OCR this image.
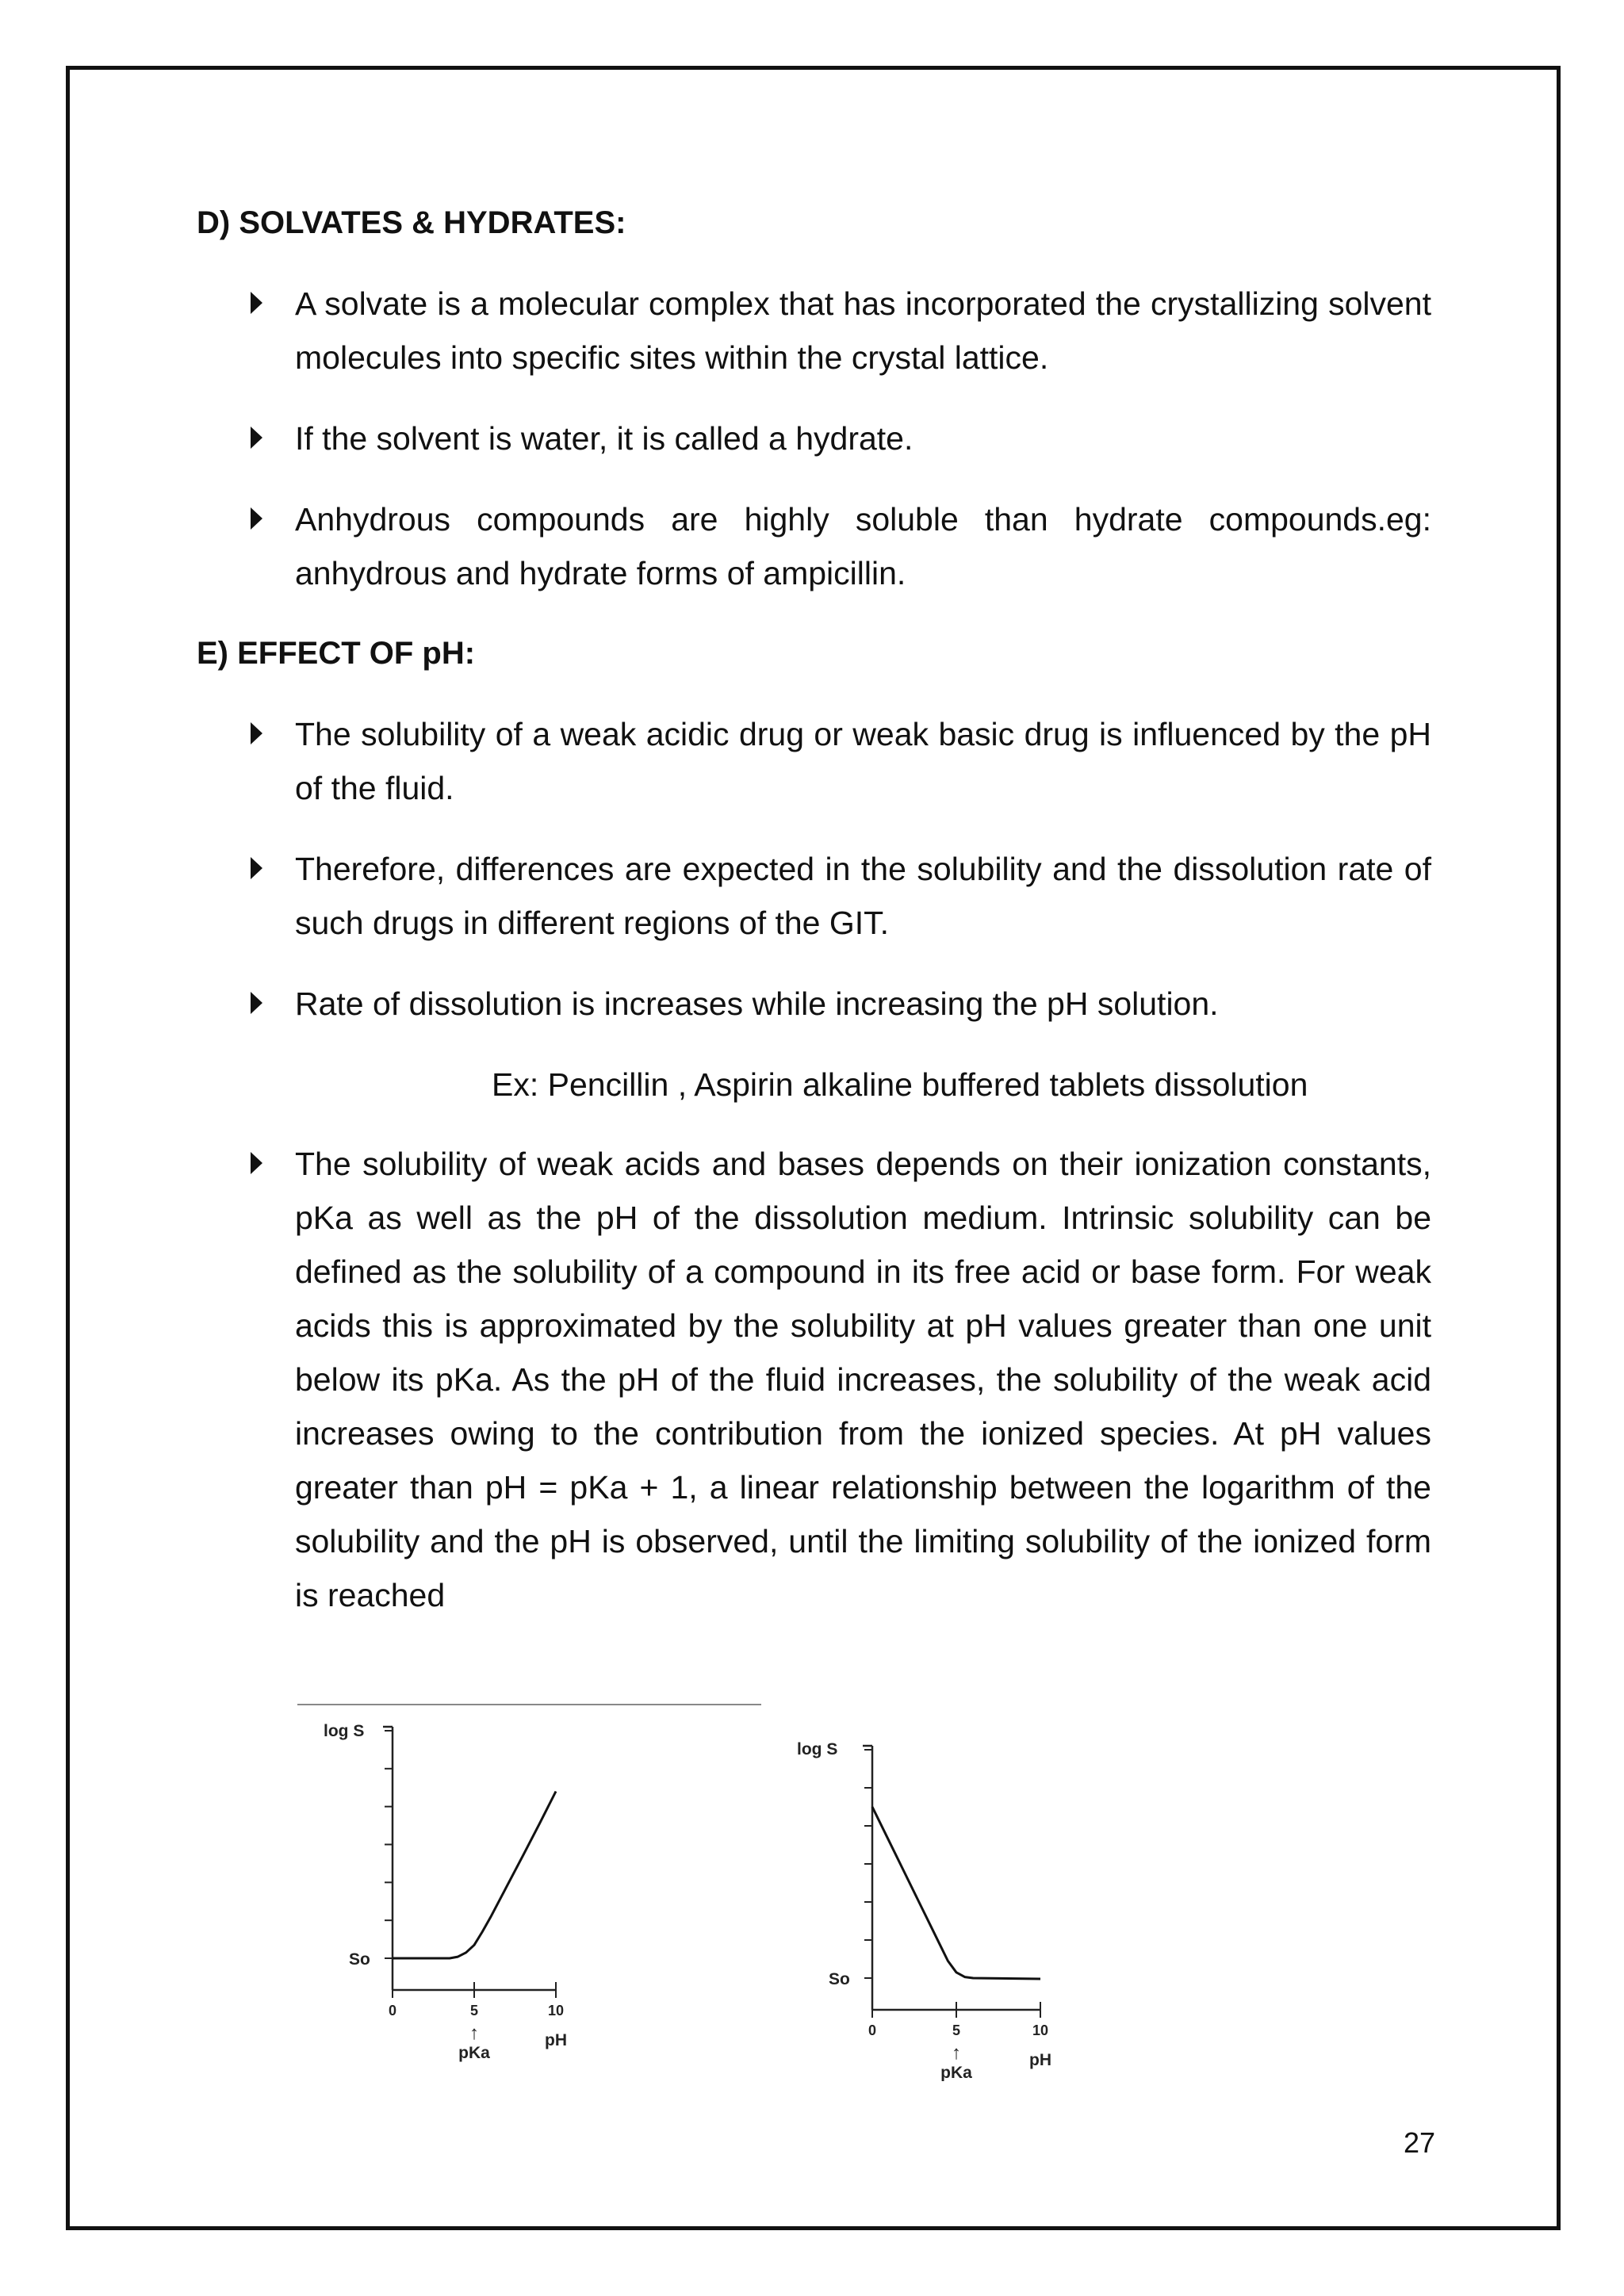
D) SOLVATES & HYDRATES:

A solvate is a molecular complex that has incorporated the crystallizing solvent molecules into specific sites within the crystal lattice.

If the solvent is water, it is called a hydrate.

Anhydrous compounds are highly soluble than hydrate compounds.eg: anhydrous and hydrate forms of ampicillin.

E) EFFECT OF pH:

The solubility of a weak acidic drug or weak basic drug is influenced by the pH of the fluid.

Therefore, differences are expected in the solubility and the dissolution rate of such drugs in different regions of the GIT.

Rate of dissolution is increases while increasing the pH solution.

Ex: Pencillin , Aspirin alkaline buffered tablets dissolution

The solubility of weak acids and bases depends on their ionization constants, pKa as well as the pH of the dissolution medium. Intrinsic solubility can be defined as the solubility of a compound in its free acid or base form. For weak acids this is approximated by the solubility at pH values greater than one unit below its pKa. As the pH of the fluid increases, the solubility of the weak acid increases owing to the contribution from the ionized species. At pH values greater than pH = pKa + 1, a linear relationship between the logarithm of the solubility and the pH is observed, until the limiting solubility of the ionized form is reached

log S
So
0	5	10
↑
pKa
pH
log S
So
0	5	10
↑
pKa
pH
27
